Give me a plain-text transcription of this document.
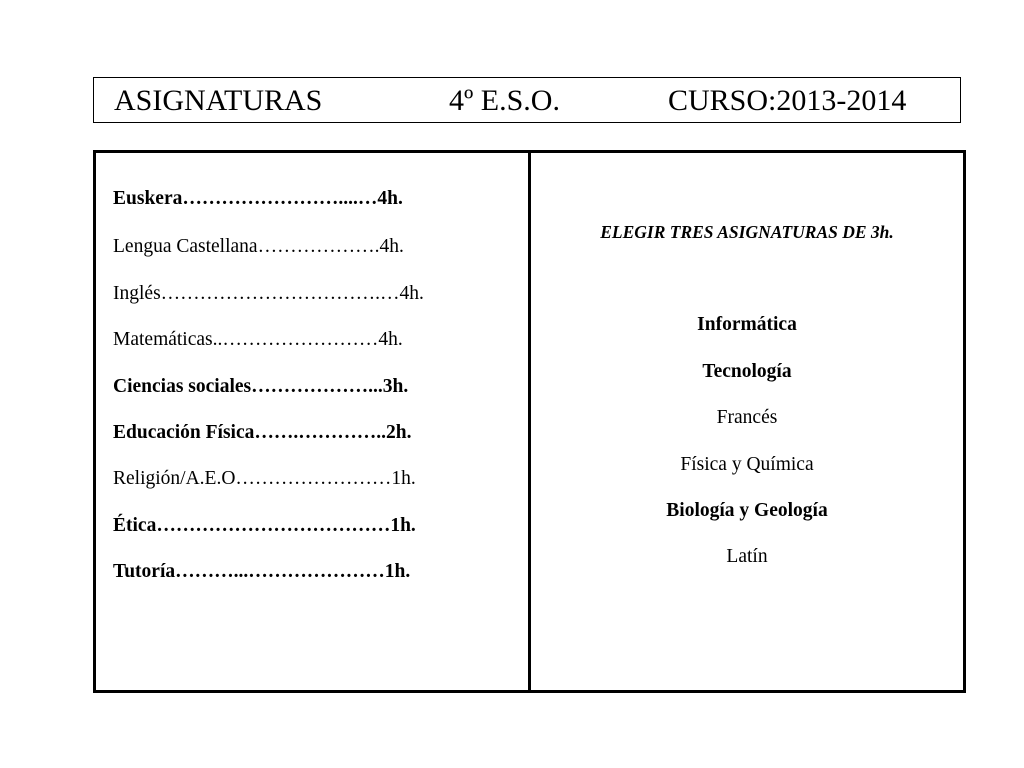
ASIGNATURAS	4º E.S.O.	CURSO:2013-2014
Euskera……………………....…4h.
Lengua Castellana……………….4h.
Inglés…………………………….…4h.
Matemáticas..……………………4h.
Ciencias sociales………………...3h.
Educación Física…….…………..2h.
Religión/A.E.O……………………1h.
Ética………………………………1h.
Tutoría………...…………………1h.
ELEGIR TRES ASIGNATURAS DE 3h.
Informática
Tecnología
Francés
Física y Química
Biología y Geología
Latín
